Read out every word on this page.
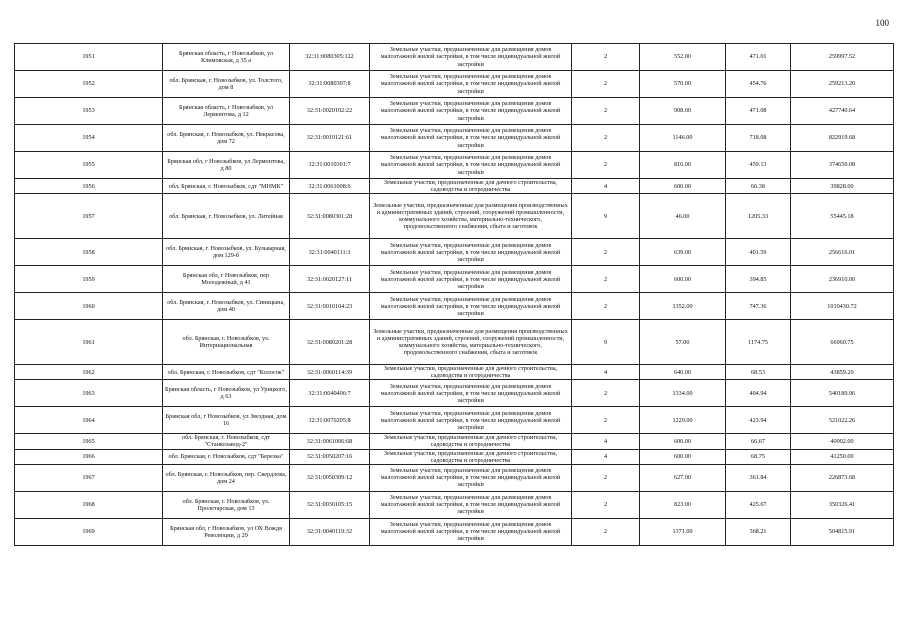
100
1951	Брянская область, г Новозыбков, ул Климовская, д 35 а	32:31:0080305:122	Земельные участки, предназначенные для размещения домов малоэтажной жилой застройки, в том числе индивидуальной жилой застройки	2	552.00	471.01	259997.52
1952	обл. Брянская, г. Новозыбков, ул. Толстого, дом 8	32:31:0080307:8	Земельные участки, предназначенные для размещения домов малоэтажной жилой застройки, в том числе индивидуальной жилой застройки	2	570.00	454.76	259213.20
1953	Брянская область, г Новозыбков, ул Лермонтова, д 12	32:31:0020102:22	Земельные участки, предназначенные для размещения домов малоэтажной жилой застройки, в том числе индивидуальной жилой застройки	2	908.00	471.08	427740.64
1954	обл. Брянская, г. Новозыбков, ул. Некрасова, дом 72	32:31:0010121:61	Земельные участки, предназначенные для размещения домов малоэтажной жилой застройки, в том числе индивидуальной жилой застройки	2	1146.00	718.08	822919.68
1955	Брянская обл, г Новозыбков, ул Лермонтова, д 80	32:31:0010301:7	Земельные участки, предназначенные для размещения домов малоэтажной жилой застройки, в том числе индивидуальной жилой застройки	2	816.00	459.13	374650.08
1956	обл. Брянская, г. Новозыбков, сдт "МНМК"	32:31:0061008:6	Земельные участки, предназначенные для дачного строительства, садоводства и огородничества	4	600.00	66.38	39828.00
1957	обл. Брянская, г. Новозыбков, ул. Литейная	32:31:0080301:28	Земельные участки, предназначенные для размещения производственных и административных зданий, строений, сооружений промышленности, коммунального хозяйства, материально-технического, продовольственного снабжения, сбыта и заготовок	9	46.00	1205.33	55445.18
1958	обл. Брянская, г. Новозыбков, ул. Бульварная, дом 129-б	32:31:0040111:3	Земельные участки, предназначенные для размещения домов малоэтажной жилой застройки, в том числе индивидуальной жилой застройки	2	639.00	401.59	256616.01
1959	Брянская обл, г Новозыбков, пер Молодежный, д 41	32:31:0020127:11	Земельные участки, предназначенные для размещения домов малоэтажной жилой застройки, в том числе индивидуальной жилой застройки	2	600.00	394.85	236910.00
1960	обл. Брянская, г. Новозыбков, ул. Синицына, дом 40	32:31:0010104:23	Земельные участки, предназначенные для размещения домов малоэтажной жилой застройки, в том числе индивидуальной жилой застройки	2	1352.00	747.36	1010430.72
1961	обл. Брянская, г. Новозыбков, ул. Интернациональная	32:31:0080201:28	Земельные участки, предназначенные для размещения производственных и административных зданий, строений, сооружений промышленности, коммунального хозяйства, материально-технического, продовольственного снабжения, сбыта и заготовок	9	57.00	1174.75	66960.75
1962	обл. Брянская, г. Новозыбков, сдт "Колосок"	32:31:0060114:39	Земельные участки, предназначенные для дачного строительства, садоводства и огородничества	4	640.00	68.53	43859.20
1963	Брянская область, г Новозыбков, ул Урицкого, д 63	32:31:0040406:7	Земельные участки, предназначенные для размещения домов малоэтажной жилой застройки, в том числе индивидуальной жилой застройки	2	1334.00	404.94	540189.96
1964	Брянская обл, г Новозыбков, ул Звездная, дом 16	32:31:0070205:8	Земельные участки, предназначенные для размещения домов малоэтажной жилой застройки, в том числе индивидуальной жилой застройки	2	1229.00	423.94	521022.26
1965	обл. Брянская, г. Новозыбков, сдт "Станкозавод-2"	32:31:0061006:68	Земельные участки, предназначенные для дачного строительства, садоводства и огородничества	4	600.00	66.67	40002.00
1966	обл. Брянская, г. Новозыбков, сдт "Березка"	32:31:0050207:16	Земельные участки, предназначенные для дачного строительства, садоводства и огородничества	4	600.00	68.75	41250.00
1967	обл. Брянская, г. Новозыбков, пер. Свердлова, дом 24	32:31:0050309:12	Земельные участки, предназначенные для размещения домов малоэтажной жилой застройки, в том числе индивидуальной жилой застройки	2	627.00	361.84	226873.68
1968	обл. Брянская, г. Новозыбков, ул. Пролетарская, дом 13	32:31:0030105:15	Земельные участки, предназначенные для размещения домов малоэтажной жилой застройки, в том числе индивидуальной жилой застройки	2	823.00	425.67	350326.41
1969	Брянская обл, г Новозыбков, ул ОХ Вождя Революции, д 29	32:31:0040119:32	Земельные участки, предназначенные для размещения домов малоэтажной жилой застройки, в том числе индивидуальной жилой застройки	2	1371.00	368.21	504815.91
